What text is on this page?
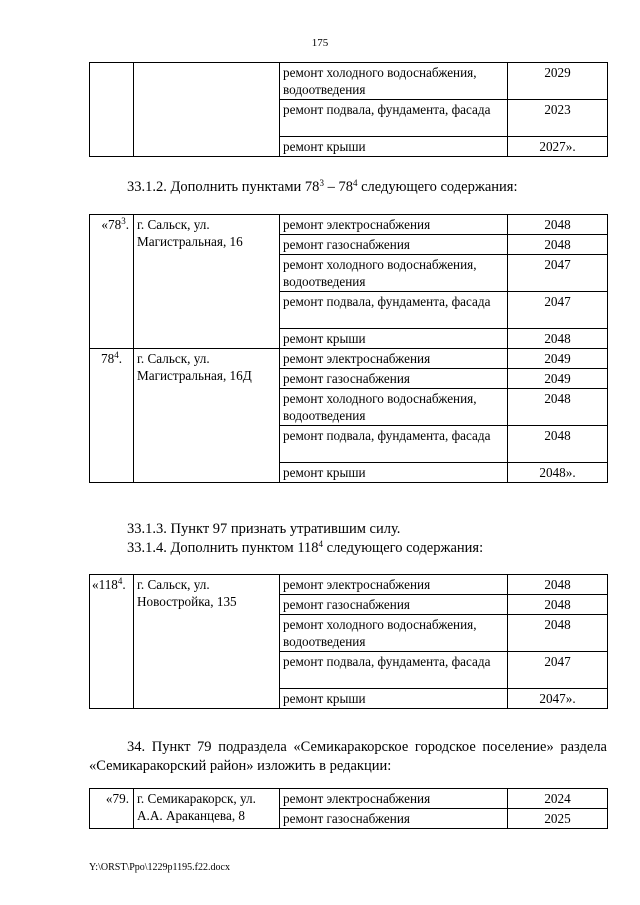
175
		ремонт холодного водоснабжения, водоотведения	2029
		ремонт подвала, фундамента, фасада	2023
		ремонт крыши	2027».

33.1.2. Дополнить пунктами $78^3 - 78^4$ следующего содержания:

«$78^3$.	г. Сальск, ул. Магистральная, 16	ремонт электроснабжения	2048
		ремонт газоснабжения	2048
		ремонт холодного водоснабжения, водоотведения	2047
		ремонт подвала, фундамента, фасада	2047
		ремонт крыши	2048
$78^4$.	г. Сальск, ул. Магистральная, 16Д	ремонт электроснабжения	2049
		ремонт газоснабжения	2049
		ремонт холодного водоснабжения, водоотведения	2048
		ремонт подвала, фундамента, фасада	2048
		ремонт крыши	2048».

33.1.3. Пункт 97 признать утратившим силу.

33.1.4. Дополнить пунктом $118^4$ следующего содержания:

«$118^4$.	г. Сальск, ул. Новостройка, 135	ремонт электроснабжения	2048
		ремонт газоснабжения	2048
		ремонт холодного водоснабжения, водоотведения	2048
		ремонт подвала, фундамента, фасада	2047
		ремонт крыши	2047».

34. Пункт 79 подраздела «Семикаракорское городское поселение» раздела «Семикаракорский район» изложить в редакции:

«79.	г. Семикаракорск, ул. А.А. Араканцева, 8	ремонт электроснабжения	2024
		ремонт газоснабжения	2025
Y:\ORST\Ppo\1229p1195.f22.docx
